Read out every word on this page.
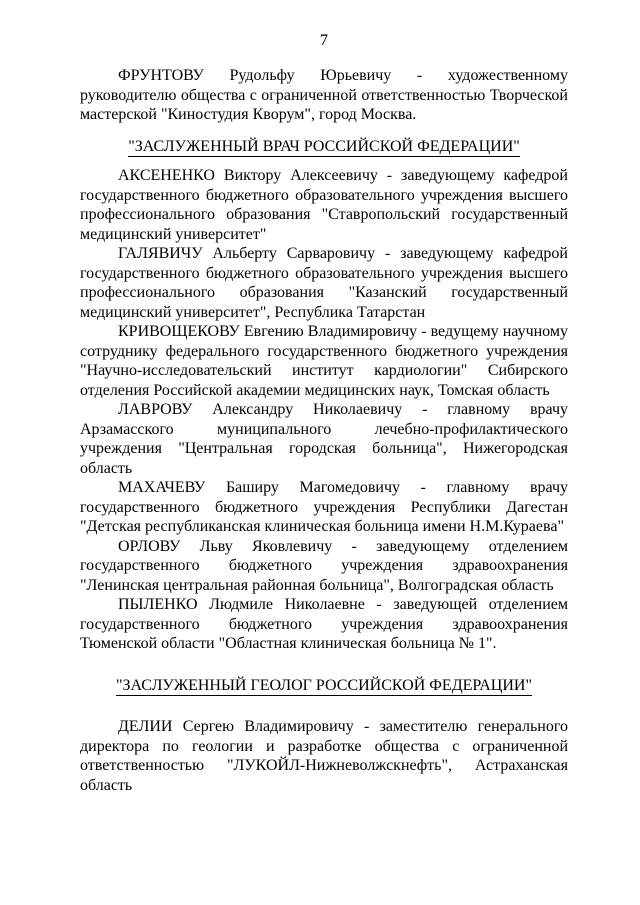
7

ФРУНТОВУ Рудольфу Юрьевичу - художественному руководителю общества с ограниченной ответственностью Творческой мастерской "Киностудия Кворум", город Москва.

"ЗАСЛУЖЕННЫЙ ВРАЧ РОССИЙСКОЙ ФЕДЕРАЦИИ"

АКСЕНЕНКО Виктору Алексеевичу - заведующему кафедрой государственного бюджетного образовательного учреждения высшего профессионального образования "Ставропольский государственный медицинский университет"

ГАЛЯВИЧУ Альберту Сарваровичу - заведующему кафедрой государственного бюджетного образовательного учреждения высшего профессионального образования "Казанский государственный медицинский университет", Республика Татарстан

КРИВОЩЕКОВУ Евгению Владимировичу - ведущему научному сотруднику федерального государственного бюджетного учреждения "Научно-исследовательский институт кардиологии" Сибирского отделения Российской академии медицинских наук, Томская область

ЛАВРОВУ Александру Николаевичу - главному врачу Арзамасского муниципального лечебно-профилактического учреждения "Центральная городская больница", Нижегородская область

МАХАЧЕВУ Баширу Магомедовичу - главному врачу государственного бюджетного учреждения Республики Дагестан "Детская республиканская клиническая больница имени Н.М.Кураева"

ОРЛОВУ Льву Яковлевичу - заведующему отделением государственного бюджетного учреждения здравоохранения "Ленинская центральная районная больница", Волгоградская область

ПЫЛЕНКО Людмиле Николаевне - заведующей отделением государственного бюджетного учреждения здравоохранения Тюменской области "Областная клиническая больница № 1".

"ЗАСЛУЖЕННЫЙ ГЕОЛОГ РОССИЙСКОЙ ФЕДЕРАЦИИ"

ДЕЛИИ Сергею Владимировичу - заместителю генерального директора по геологии и разработке общества с ограниченной ответственностью "ЛУКОЙЛ-Нижневолжскнефть", Астраханская область
